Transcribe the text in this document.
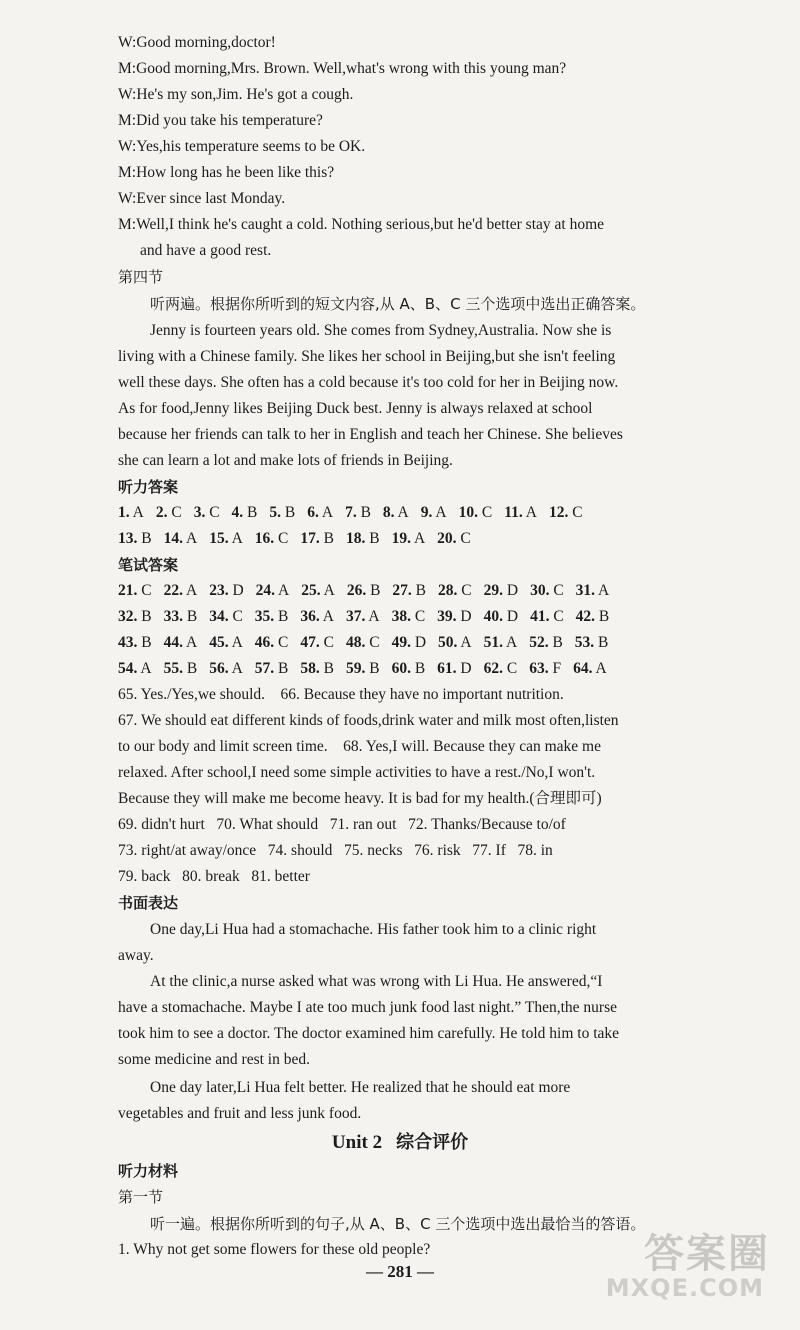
W:Good morning,doctor!
M:Good morning,Mrs. Brown. Well,what's wrong with this young man?
W:He's my son,Jim. He's got a cough.
M:Did you take his temperature?
W:Yes,his temperature seems to be OK.
M:How long has he been like this?
W:Ever since last Monday.
M:Well,I think he's caught a cold. Nothing serious,but he'd better stay at home
and have a good rest.
第四节
听两遍。根据你所听到的短文内容,从 A、B、C 三个选项中选出正确答案。
Jenny is fourteen years old. She comes from Sydney,Australia. Now she is
living with a Chinese family. She likes her school in Beijing,but she isn't feeling
well these days. She often has a cold because it's too cold for her in Beijing now.
As for food,Jenny likes Beijing Duck best. Jenny is always relaxed at school
because her friends can talk to her in English and teach her Chinese. She believes
she can learn a lot and make lots of friends in Beijing.
听力答案
1. A 2. C 3. C 4. B 5. B 6. A 7. B 8. A 9. A 10. C 11. A 12. C
13. B 14. A 15. A 16. C 17. B 18. B 19. A 20. C
笔试答案
21. C 22. A 23. D 24. A 25. A 26. B 27. B 28. C 29. D 30. C 31. A
32. B 33. B 34. C 35. B 36. A 37. A 38. C 39. D 40. D 41. C 42. B
43. B 44. A 45. A 46. C 47. C 48. C 49. D 50. A 51. A 52. B 53. B
54. A 55. B 56. A 57. B 58. B 59. B 60. B 61. D 62. C 63. F 64. A
65. Yes./Yes,we should.    66. Because they have no important nutrition.
67. We should eat different kinds of foods,drink water and milk most often,listen
to our body and limit screen time.    68. Yes,I will. Because they can make me
relaxed. After school,I need some simple activities to have a rest./No,I won't.
Because they will make me become heavy. It is bad for my health.(合理即可)
69. didn't hurt   70. What should   71. ran out   72. Thanks/Because to/of
73. right/at away/once   74. should   75. necks   76. risk   77. If   78. in
79. back   80. break   81. better
书面表达
One day,Li Hua had a stomachache. His father took him to a clinic right
away.
At the clinic,a nurse asked what was wrong with Li Hua. He answered,“I
have a stomachache. Maybe I ate too much junk food last night.” Then,the nurse
took him to see a doctor. The doctor examined him carefully. He told him to take
some medicine and rest in bed.
One day later,Li Hua felt better. He realized that he should eat more
vegetables and fruit and less junk food.
Unit 2 综合评价
听力材料
第一节
听一遍。根据你所听到的句子,从 A、B、C 三个选项中选出最恰当的答语。
1. Why not get some flowers for these old people?
— 281 —	答案圈
MXQE.COM
